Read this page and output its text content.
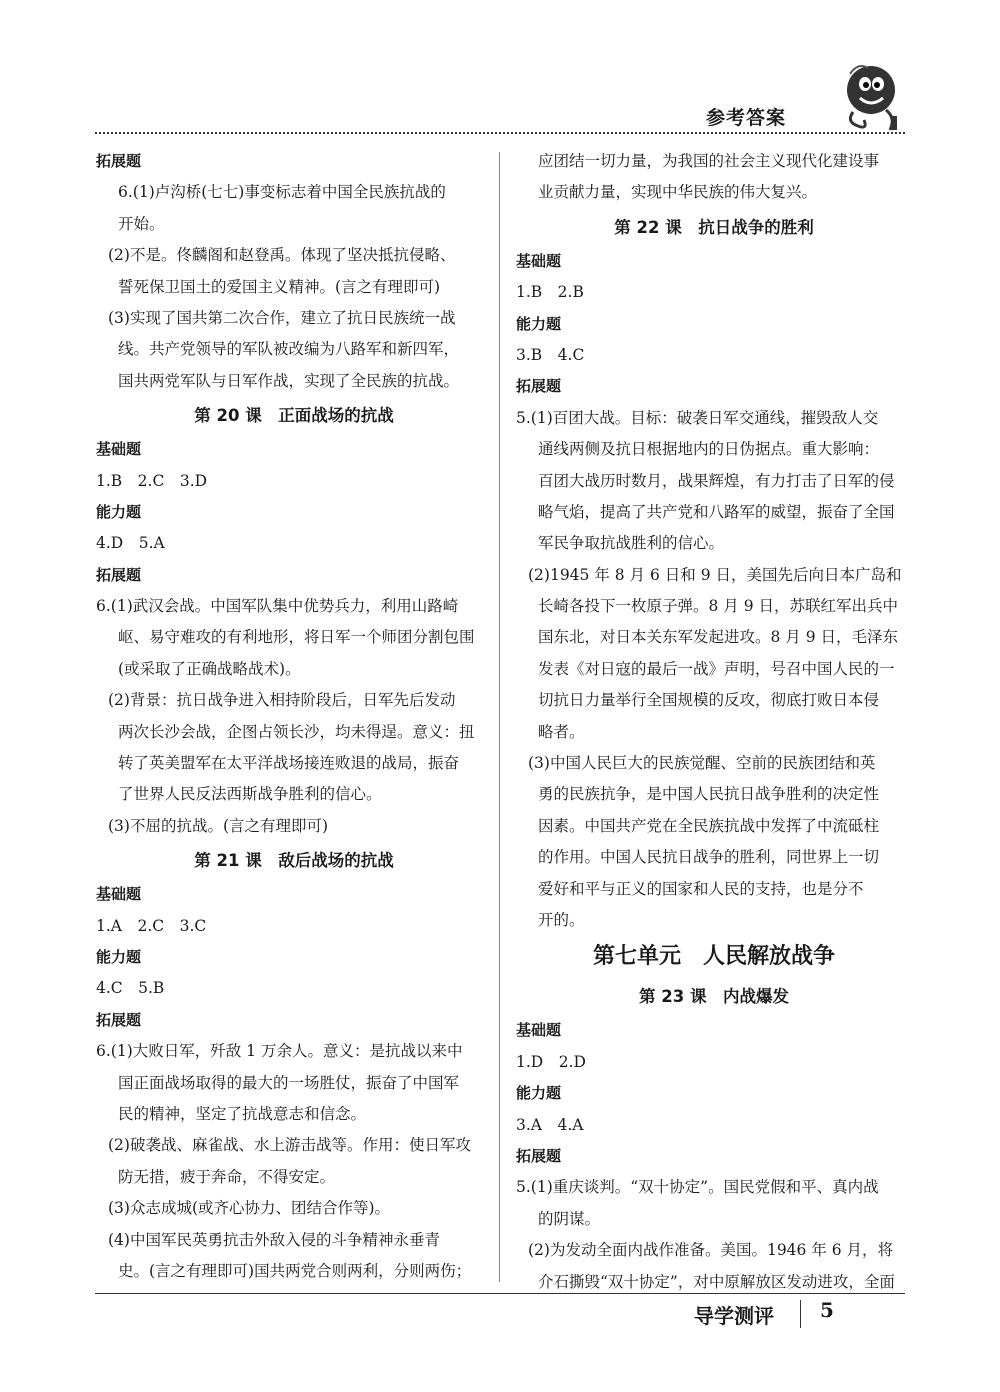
参考答案
拓展题
6.(1)卢沟桥(七七)事变标志着中国全民族抗战的
开始。
(2)不是。佟麟阁和赵登禹。体现了坚决抵抗侵略、
誓死保卫国土的爱国主义精神。(言之有理即可)
(3)实现了国共第二次合作，建立了抗日民族统一战
线。共产党领导的军队被改编为八路军和新四军，
国共两党军队与日军作战，实现了全民族的抗战。
第 20 课　正面战场的抗战
基础题
1.B　2.C　3.D
能力题
4.D　5.A
拓展题
6.(1)武汉会战。中国军队集中优势兵力，利用山路崎
岖、易守难攻的有利地形，将日军一个师团分割包围
(或采取了正确战略战术)。
(2)背景：抗日战争进入相持阶段后，日军先后发动
两次长沙会战，企图占领长沙，均未得逞。意义：扭
转了英美盟军在太平洋战场接连败退的战局，振奋
了世界人民反法西斯战争胜利的信心。
(3)不屈的抗战。(言之有理即可)
第 21 课　敌后战场的抗战
基础题
1.A　2.C　3.C
能力题
4.C　5.B
拓展题
6.(1)大败日军，歼敌 1 万余人。意义：是抗战以来中
国正面战场取得的最大的一场胜仗，振奋了中国军
民的精神，坚定了抗战意志和信念。
(2)破袭战、麻雀战、水上游击战等。作用：使日军攻
防无措，疲于奔命，不得安定。
(3)众志成城(或齐心协力、团结合作等)。
(4)中国军民英勇抗击外敌入侵的斗争精神永垂青
史。(言之有理即可)国共两党合则两利，分则两伤；
应团结一切力量，为我国的社会主义现代化建设事
业贡献力量，实现中华民族的伟大复兴。
第 22 课　抗日战争的胜利
基础题
1.B　2.B
能力题
3.B　4.C
拓展题
5.(1)百团大战。目标：破袭日军交通线，摧毁敌人交
通线两侧及抗日根据地内的日伪据点。重大影响：
百团大战历时数月，战果辉煌，有力打击了日军的侵
略气焰，提高了共产党和八路军的威望，振奋了全国
军民争取抗战胜利的信心。
(2)1945 年 8 月 6 日和 9 日，美国先后向日本广岛和
长崎各投下一枚原子弹。8 月 9 日，苏联红军出兵中
国东北，对日本关东军发起进攻。8 月 9 日，毛泽东
发表《对日寇的最后一战》声明，号召中国人民的一
切抗日力量举行全国规模的反攻，彻底打败日本侵
略者。
(3)中国人民巨大的民族觉醒、空前的民族团结和英
勇的民族抗争，是中国人民抗日战争胜利的决定性
因素。中国共产党在全民族抗战中发挥了中流砥柱
的作用。中国人民抗日战争的胜利，同世界上一切
爱好和平与正义的国家和人民的支持，也是分不
开的。
第七单元　人民解放战争
第 23 课　内战爆发
基础题
1.D　2.D
能力题
3.A　4.A
拓展题
5.(1)重庆谈判。“双十协定”。国民党假和平、真内战
的阴谋。
(2)为发动全面内战作准备。美国。1946 年 6 月，将
介石撕毁“双十协定”，对中原解放区发动进攻，全面
导学测评 5
